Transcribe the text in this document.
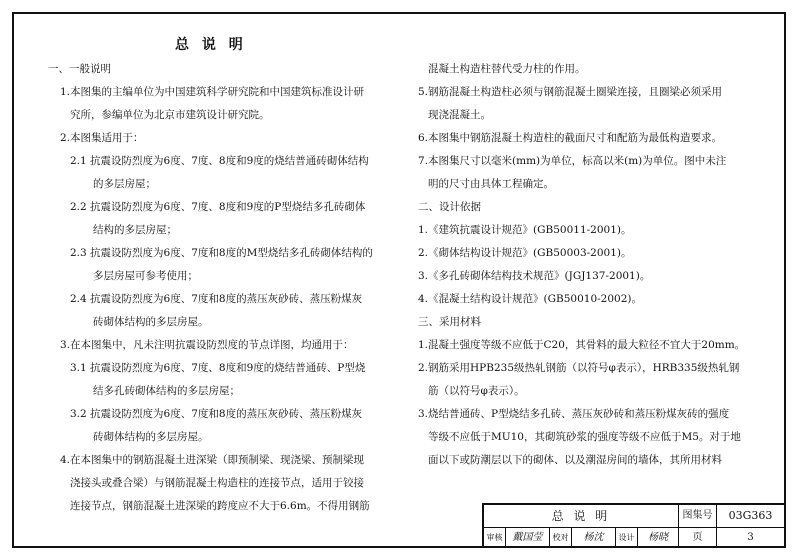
总 说 明
一、一般说明
1.本图集的主编单位为中国建筑科学研究院和中国建筑标准设计研
究所，参编单位为北京市建筑设计研究院。
2.本图集适用于：
2.1 抗震设防烈度为6度、7度、8度和9度的烧结普通砖砌体结构
的多层房屋；
2.2 抗震设防烈度为6度、7度、8度和9度的P型烧结多孔砖砌体
结构的多层房屋；
2.3 抗震设防烈度为6度、7度和8度的M型烧结多孔砖砌体结构的
多层房屋可参考使用；
2.4 抗震设防烈度为6度、7度和8度的蒸压灰砂砖、蒸压粉煤灰
砖砌体结构的多层房屋。
3.在本图集中，凡未注明抗震设防烈度的节点详图，均通用于：
3.1 抗震设防烈度为6度、7度、8度和9度的烧结普通砖、P型烧
结多孔砖砌体结构的多层房屋；
3.2 抗震设防烈度为6度、7度和8度的蒸压灰砂砖、蒸压粉煤灰
砖砌体结构的多层房屋。
4.在本图集中的钢筋混凝土进深梁（即预制梁、现浇梁、预制梁现
浇接头或叠合梁）与钢筋混凝土构造柱的连接节点，适用于铰接
连接节点，钢筋混凝土进深梁的跨度应不大于6.6m。不得用钢筋
混凝土构造柱替代受力柱的作用。
5.钢筋混凝土构造柱必须与钢筋混凝土圈梁连接，且圈梁必须采用
现浇混凝土。
6.本图集中钢筋混凝土构造柱的截面尺寸和配筋为最低构造要求。
7.本图集尺寸以毫米(mm)为单位，标高以米(m)为单位。图中未注
明的尺寸由具体工程确定。
二、设计依据
1.《建筑抗震设计规范》(GB50011-2001)。
2.《砌体结构设计规范》(GB50003-2001)。
3.《多孔砖砌体结构技术规范》(JGJ137-2001)。
4.《混凝土结构设计规范》(GB50010-2002)。
三、采用材料
1.混凝土强度等级不应低于C20，其骨料的最大粒径不宜大于20mm。
2.钢筋采用HPB235级热轧钢筋（以符号φ表示），HRB335级热轧钢
筋（以符号φ表示）。
3.烧结普通砖、P型烧结多孔砖、蒸压灰砂砖和蒸压粉煤灰砖的强度
等级不应低于MU10，其砌筑砂浆的强度等级不应低于M5。对于地
面以下或防潮层以下的砌体、以及潮湿房间的墙体，其所用材料
总 说 明	图集号	03G363
审核	戴国莹	校对	杨沈	设计	杨晓	页	3
